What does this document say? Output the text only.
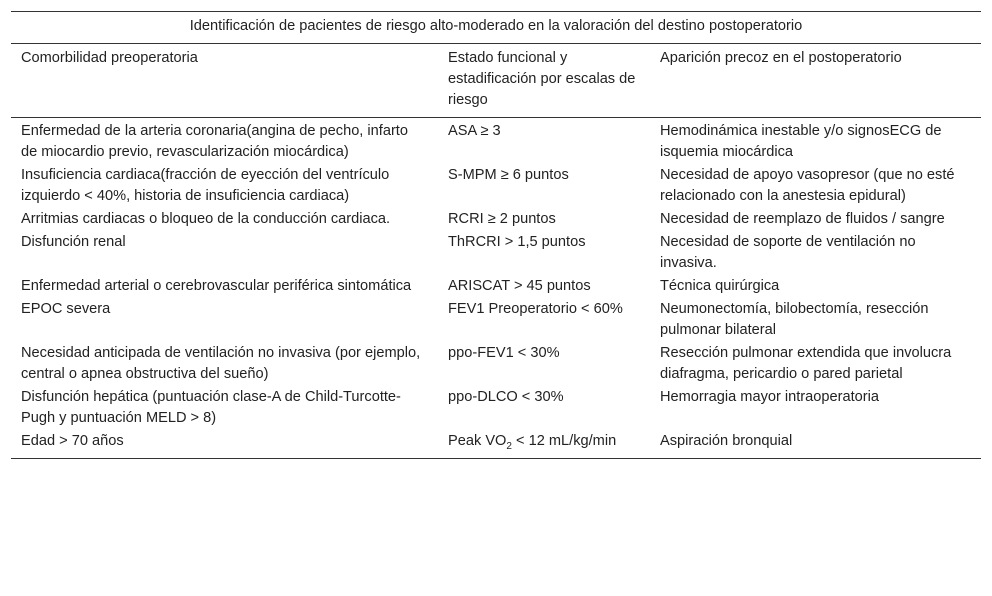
Identificación de pacientes de riesgo alto-moderado en la valoración del destino postoperatorio		
Comorbilidad preoperatoria	Estado funcional y estadificación por escalas de riesgo	Aparición precoz en el postoperatorio
Enfermedad de la arteria coronaria(angina de pecho, infarto de miocardio previo, revascularización miocárdica)	ASA ≥ 3	Hemodinámica inestable y/o signosECG de isquemia miocárdica
Insuficiencia cardiaca(fracción de eyección del ventrículo izquierdo < 40%, historia de insuficiencia cardiaca)	S-MPM ≥ 6 puntos	Necesidad de apoyo vasopresor (que no esté relacionado con la anestesia epidural)
Arritmias cardiacas o bloqueo de la conducción cardiaca.	RCRI ≥ 2 puntos	Necesidad de reemplazo de fluidos / sangre
Disfunción renal	ThRCRI > 1,5 puntos	Necesidad de soporte de ventilación no invasiva.
Enfermedad arterial o cerebrovascular periférica sintomática	ARISCAT > 45 puntos	Técnica quirúrgica
EPOC severa	FEV1 Preoperatorio < 60%	Neumonectomía, bilobectomía, resección pulmonar bilateral
Necesidad anticipada de ventilación no invasiva (por ejemplo, central o apnea obstructiva del sueño)	ppo-FEV1 < 30%	Resección pulmonar extendida que involucra diafragma, pericardio o pared parietal
Disfunción hepática (puntuación clase-A de Child-Turcotte-Pugh y puntuación MELD > 8)	ppo-DLCO < 30%	Hemorragia mayor intraoperatoria
Edad > 70 años	Peak $VO_2 < 12$ mL/kg/min	Aspiración bronquial
